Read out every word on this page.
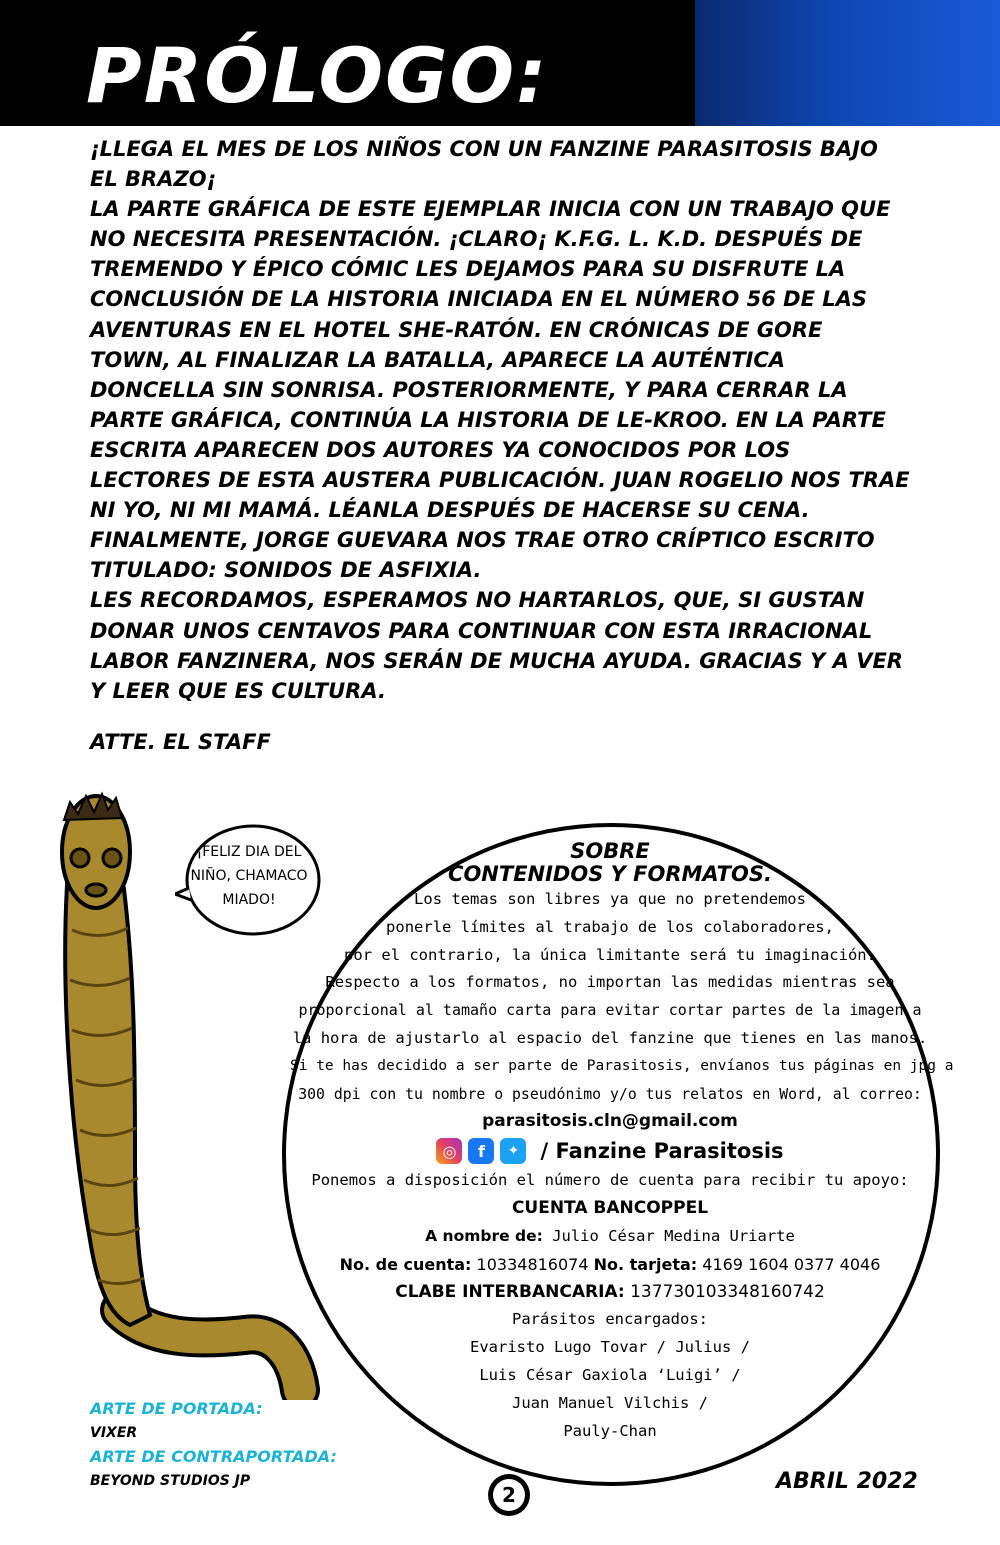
PRÓLOGO:

¡LLEGA EL MES DE LOS NIÑOS CON UN FANZINE PARASITOSIS BAJO EL BRAZO¡

LA PARTE GRÁFICA DE ESTE EJEMPLAR INICIA CON UN TRABAJO QUE NO NECESITA PRESENTACIÓN. ¡CLARO¡ K.F.G. L. K.D. DESPUÉS DE TREMENDO Y ÉPICO CÓMIC LES DEJAMOS PARA SU DISFRUTE LA CONCLUSIÓN DE LA HISTORIA INICIADA EN EL NÚMERO 56 DE LAS AVENTURAS EN EL HOTEL SHE-RATÓN. EN CRÓNICAS DE GORE TOWN, AL FINALIZAR LA BATALLA, APARECE LA AUTÉNTICA DONCELLA SIN SONRISA. POSTERIORMENTE, Y PARA CERRAR LA PARTE GRÁFICA, CONTINÚA LA HISTORIA DE LE-KROO. EN LA PARTE ESCRITA APARECEN DOS AUTORES YA CONOCIDOS POR LOS LECTORES DE ESTA AUSTERA PUBLICACIÓN. JUAN ROGELIO NOS TRAE NI YO, NI MI MAMÁ. LÉANLA DESPUÉS DE HACERSE SU CENA. FINALMENTE, JORGE GUEVARA NOS TRAE OTRO CRÍPTICO ESCRITO TITULADO: SONIDOS DE ASFIXIA.

LES RECORDAMOS, ESPERAMOS NO HARTARLOS, QUE, SI GUSTAN DONAR UNOS CENTAVOS PARA CONTINUAR CON ESTA IRRACIONAL LABOR FANZINERA, NOS SERÁN DE MUCHA AYUDA. GRACIAS Y A VER Y LEER QUE ES CULTURA.

ATTE. EL STAFF
¡FELIZ DIA DEL NIÑO, CHAMACO MIADO!
SOBRE
CONTENIDOS Y FORMATOS.
Los temas son libres ya que no pretendemos
ponerle límites al trabajo de los colaboradores,
por el contrario, la única limitante será tu imaginación.
Respecto a los formatos, no importan las medidas mientras sea
proporcional al tamaño carta para evitar cortar partes de la imagen a
la hora de ajustarlo al espacio del fanzine que tienes en las manos.
Si te has decidido a ser parte de Parasitosis, envíanos tus páginas en jpg a
300 dpi con tu nombre o pseudónimo y/o tus relatos en Word, al correo:
parasitosis.cln@gmail.com
◎	f	✦	/ Fanzine Parasitosis
Ponemos a disposición el número de cuenta para recibir tu apoyo:
CUENTA BANCOPPEL
A nombre de: Julio César Medina Uriarte
No. de cuenta: 10334816074 No. tarjeta: 4169 1604 0377 4046
CLABE INTERBANCARIA: 137730103348160742
Parásitos encargados:
Evaristo Lugo Tovar / Julius /
Luis César Gaxiola ‘Luigi’ /
Juan Manuel Vilchis /
Pauly-Chan
ARTE DE PORTADA:
VIXER
ARTE DE CONTRAPORTADA:
BEYOND STUDIOS JP
2
ABRIL 2022
